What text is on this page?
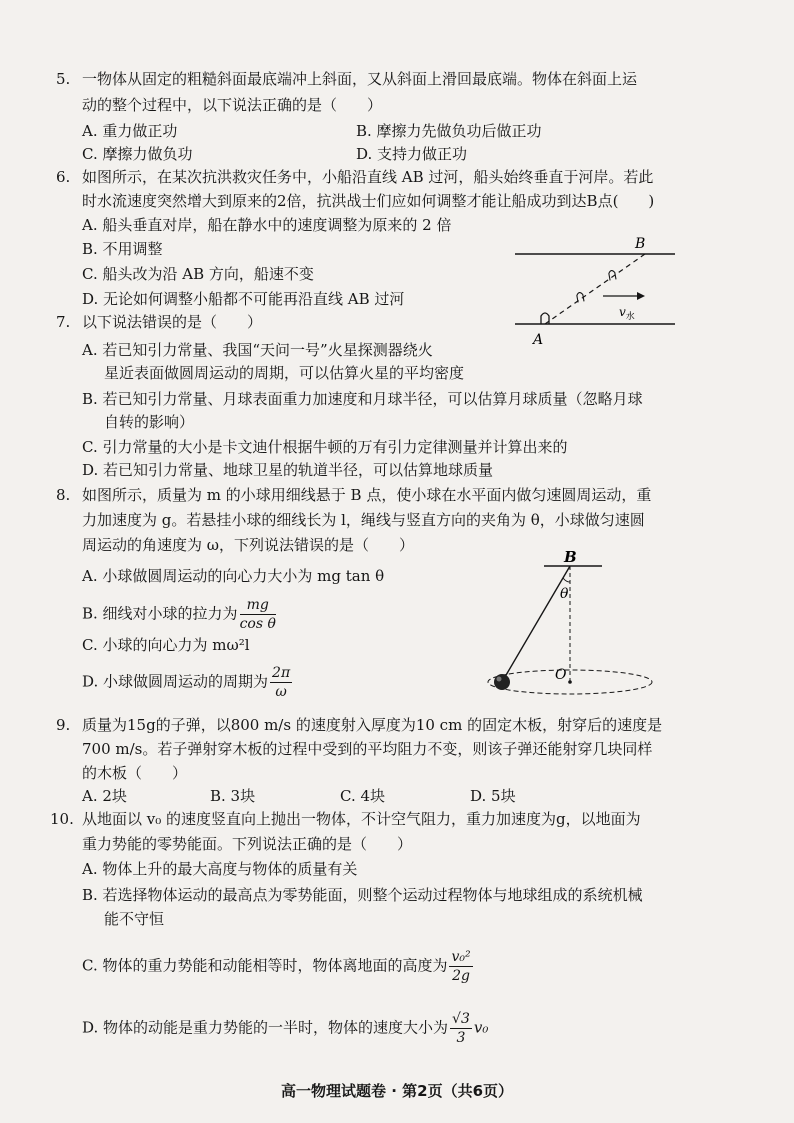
5. 一物体从固定的粗糙斜面最底端冲上斜面，又从斜面上滑回最底端。物体在斜面上运
动的整个过程中，以下说法正确的是（　　）
A. 重力做正功	B. 摩擦力先做负功后做正功
C. 摩擦力做负功	D. 支持力做正功
6. 如图所示，在某次抗洪救灾任务中，小船沿直线 AB 过河，船头始终垂直于河岸。若此
时水流速度突然增大到原来的2倍，抗洪战士们应如何调整才能让船成功到达B点(　　)
A. 船头垂直对岸，船在静水中的速度调整为原来的 2 倍
B. 不用调整
C. 船头改为沿 AB 方向，船速不变
D. 无论如何调整小船都不可能再沿直线 AB 过河
A
B
$v_水$
7. 以下说法错误的是（　　）
A. 若已知引力常量、我国“天问一号”火星探测器绕火
星近表面做圆周运动的周期，可以估算火星的平均密度
B. 若已知引力常量、月球表面重力加速度和月球半径，可以估算月球质量（忽略月球
自转的影响）
C. 引力常量的大小是卡文迪什根据牛顿的万有引力定律测量并计算出来的
D. 若已知引力常量、地球卫星的轨道半径，可以估算地球质量
8. 如图所示，质量为 m 的小球用细线悬于 B 点，使小球在水平面内做匀速圆周运动，重
力加速度为 g。若悬挂小球的细线长为 l，绳线与竖直方向的夹角为 θ，小球做匀速圆
周运动的角速度为 ω，下列说法错误的是（　　）
A. 小球做圆周运动的向心力大小为 mg tan θ
B. 细线对小球的拉力为 $\frac{mg}{\text{cos θ}}$
C. 小球的向心力为 mω²l
D. 小球做圆周运动的周期为 $\frac{2\pi}{\omega}$
B
θ
O
9. 质量为15g的子弹，以800 m/s 的速度射入厚度为10 cm 的固定木板，射穿后的速度是
700 m/s。若子弹射穿木板的过程中受到的平均阻力不变，则该子弹还能射穿几块同样
的木板（　　）
A. 2块	B. 3块	C. 4块	D. 5块
10. 从地面以 v₀ 的速度竖直向上抛出一物体，不计空气阻力，重力加速度为g，以地面为
重力势能的零势能面。下列说法正确的是（　　）
A. 物体上升的最大高度与物体的质量有关
B. 若选择物体运动的最高点为零势能面，则整个运动过程物体与地球组成的系统机械
能不守恒
C. 物体的重力势能和动能相等时，物体离地面的高度为 $\frac{\text{v₀²}}{2g}$
D. 物体的动能是重力势能的一半时，物体的速度大小为 $\frac{√3}{3} v_0$
高一物理试题卷 · 第2页（共6页）
